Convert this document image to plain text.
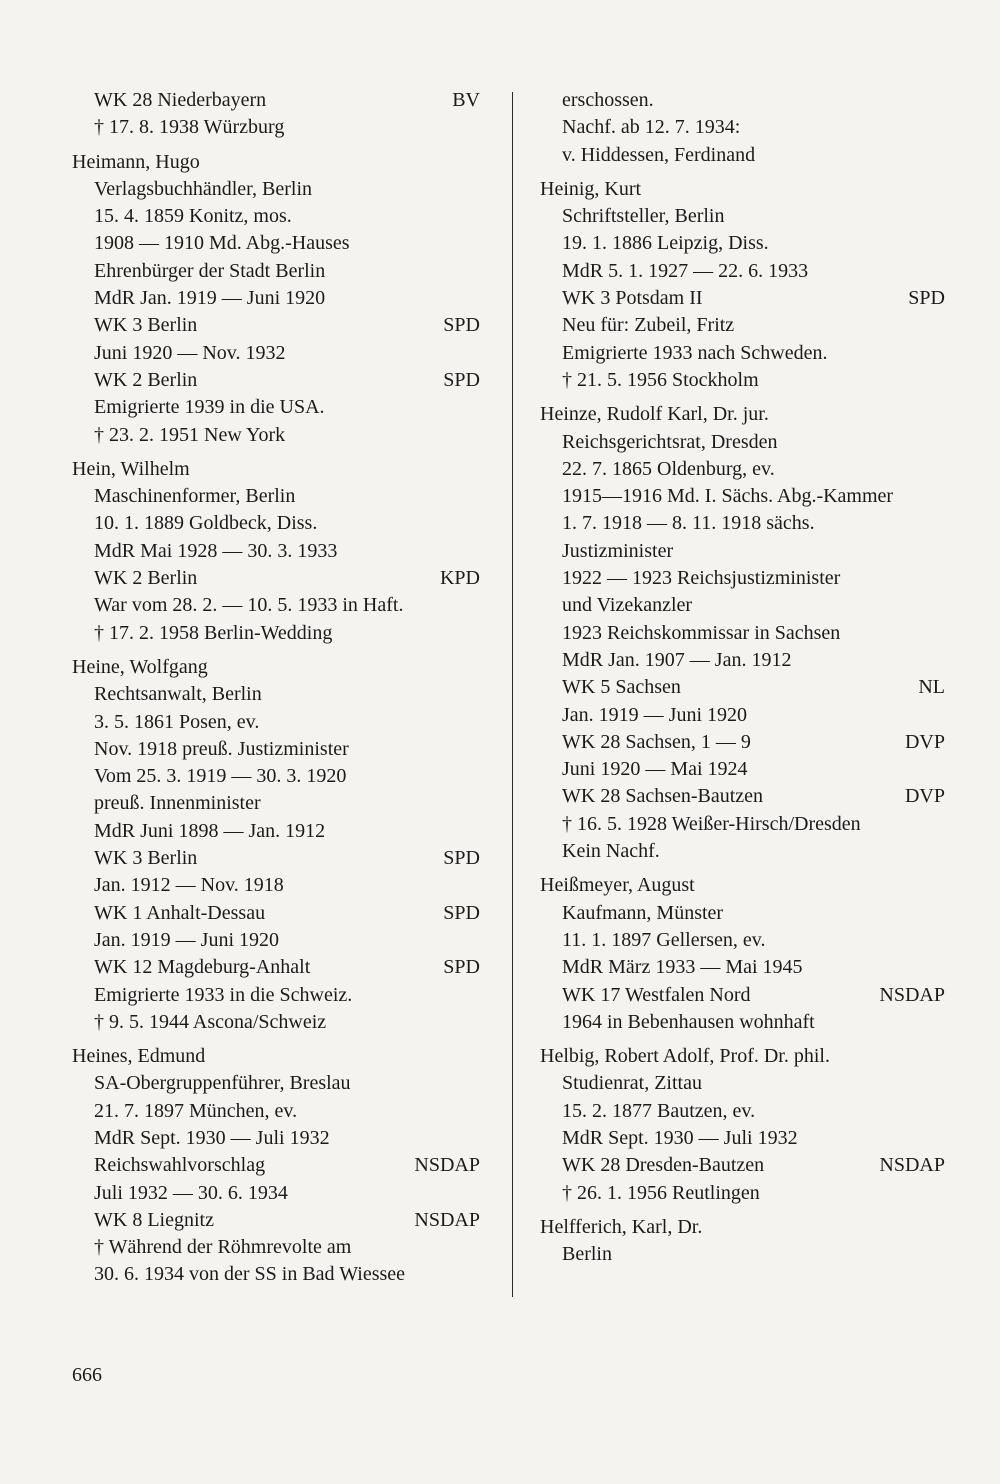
WK 28 Niederbayern	BV
† 17. 8. 1938 Würzburg
Heimann, Hugo
Verlagsbuchhändler, Berlin
15. 4. 1859 Konitz, mos.
1908 — 1910 Md. Abg.-Hauses
Ehrenbürger der Stadt Berlin
MdR Jan. 1919 — Juni 1920
WK 3 Berlin	SPD
Juni 1920 — Nov. 1932
WK 2 Berlin	SPD
Emigrierte 1939 in die USA.
† 23. 2. 1951 New York
Hein, Wilhelm
Maschinenformer, Berlin
10. 1. 1889 Goldbeck, Diss.
MdR Mai 1928 — 30. 3. 1933
WK 2 Berlin	KPD
War vom 28. 2. — 10. 5. 1933 in Haft.
† 17. 2. 1958 Berlin-Wedding
Heine, Wolfgang
Rechtsanwalt, Berlin
3. 5. 1861 Posen, ev.
Nov. 1918 preuß. Justizminister
Vom 25. 3. 1919 — 30. 3. 1920
preuß. Innenminister
MdR Juni 1898 — Jan. 1912
WK 3 Berlin	SPD
Jan. 1912 — Nov. 1918
WK 1 Anhalt-Dessau	SPD
Jan. 1919 — Juni 1920
WK 12 Magdeburg-Anhalt	SPD
Emigrierte 1933 in die Schweiz.
† 9. 5. 1944 Ascona/Schweiz
Heines, Edmund
SA-Obergruppenführer, Breslau
21. 7. 1897 München, ev.
MdR Sept. 1930 — Juli 1932
Reichswahlvorschlag	NSDAP
Juli 1932 — 30. 6. 1934
WK 8 Liegnitz	NSDAP
† Während der Röhmrevolte am
30. 6. 1934 von der SS in Bad Wiessee
erschossen.
Nachf. ab 12. 7. 1934:
v. Hiddessen, Ferdinand
Heinig, Kurt
Schriftsteller, Berlin
19. 1. 1886 Leipzig, Diss.
MdR 5. 1. 1927 — 22. 6. 1933
WK 3 Potsdam II	SPD
Neu für: Zubeil, Fritz
Emigrierte 1933 nach Schweden.
† 21. 5. 1956 Stockholm
Heinze, Rudolf Karl, Dr. jur.
Reichsgerichtsrat, Dresden
22. 7. 1865 Oldenburg, ev.
1915—1916 Md. I. Sächs. Abg.-Kammer
1. 7. 1918 — 8. 11. 1918 sächs.
Justizminister
1922 — 1923 Reichsjustizminister
und Vizekanzler
1923 Reichskommissar in Sachsen
MdR Jan. 1907 — Jan. 1912
WK 5 Sachsen	NL
Jan. 1919 — Juni 1920
WK 28 Sachsen, 1 — 9	DVP
Juni 1920 — Mai 1924
WK 28 Sachsen-Bautzen	DVP
† 16. 5. 1928 Weißer-Hirsch/Dresden
Kein Nachf.
Heißmeyer, August
Kaufmann, Münster
11. 1. 1897 Gellersen, ev.
MdR März 1933 — Mai 1945
WK 17 Westfalen Nord	NSDAP
1964 in Bebenhausen wohnhaft
Helbig, Robert Adolf, Prof. Dr. phil.
Studienrat, Zittau
15. 2. 1877 Bautzen, ev.
MdR Sept. 1930 — Juli 1932
WK 28 Dresden-Bautzen	NSDAP
† 26. 1. 1956 Reutlingen
Helfferich, Karl, Dr.
Berlin
666
